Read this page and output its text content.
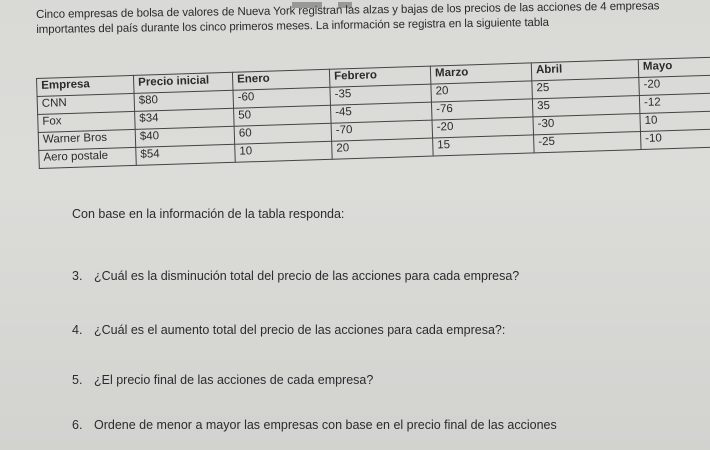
Cinco empresas de bolsa de valores de Nueva York registran las alzas y bajas de los precios de las acciones de 4 empresas

importantes del país durante los cinco primeros meses. La información se registra en la siguiente tabla

Empresa	Precio inicial	Enero	Febrero	Marzo	Abril	Mayo
CNN	$80	-60	-35	20	25	-20
Fox	$34	50	-45	-76	35	-12
Warner Bros	$40	60	-70	-20	-30	10
Aero postale	$54	10	20	15	-25	-10
Con base en la información de la tabla responda:
3. ¿Cuál es la disminución total del precio de las acciones para cada empresa?
4. ¿Cuál es el aumento total del precio de las acciones para cada empresa?:
5. ¿El precio final de las acciones de cada empresa?
6. Ordene de menor a mayor las empresas con base en el precio final de las acciones
